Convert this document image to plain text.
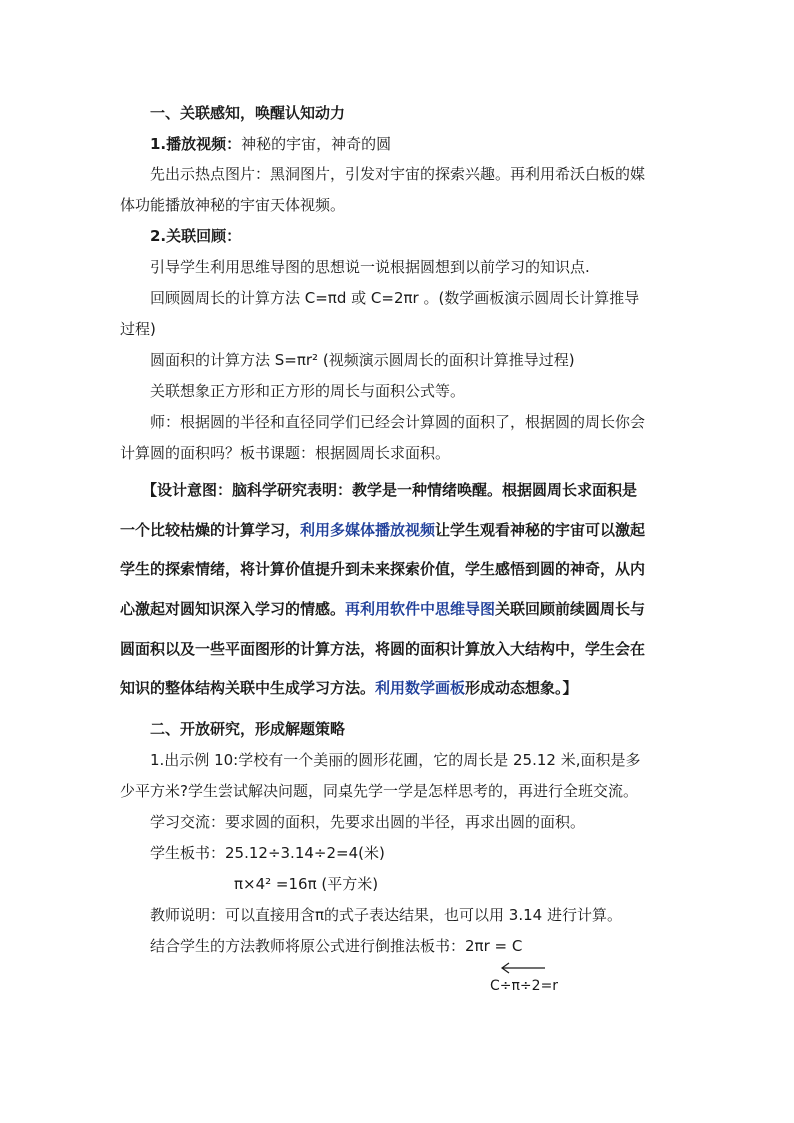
一、关联感知，唤醒认知动力
1.播放视频：神秘的宇宙，神奇的圆
先出示热点图片：黑洞图片，引发对宇宙的探索兴趣。再利用希沃白板的媒
体功能播放神秘的宇宙天体视频。
2.关联回顾：
引导学生利用思维导图的思想说一说根据圆想到以前学习的知识点.
回顾圆周长的计算方法 C=πd 或 C=2πr 。(数学画板演示圆周长计算推导
过程)
圆面积的计算方法 S=πr² (视频演示圆周长的面积计算推导过程)
关联想象正方形和正方形的周长与面积公式等。
师：根据圆的半径和直径同学们已经会计算圆的面积了，根据圆的周长你会
计算圆的面积吗？板书课题：根据圆周长求面积。
【设计意图：脑科学研究表明：教学是一种情绪唤醒。根据圆周长求面积是
一个比较枯燥的计算学习，利用多媒体播放视频让学生观看神秘的宇宙可以激起
学生的探索情绪，将计算价值提升到未来探索价值，学生感悟到圆的神奇，从内
心激起对圆知识深入学习的情感。再利用软件中思维导图关联回顾前续圆周长与
圆面积以及一些平面图形的计算方法，将圆的面积计算放入大结构中，学生会在
知识的整体结构关联中生成学习方法。利用数学画板形成动态想象。】
二、开放研究，形成解题策略
1.出示例 10:学校有一个美丽的圆形花圃，它的周长是 25.12 米,面积是多
少平方米?学生尝试解决问题，同桌先学一学是怎样思考的，再进行全班交流。
学习交流：要求圆的面积，先要求出圆的半径，再求出圆的面积。
学生板书：25.12÷3.14÷2=4(米)
π×4² =16π (平方米)
教师说明：可以直接用含π的式子表达结果，也可以用 3.14 进行计算。
结合学生的方法教师将原公式进行倒推法板书：2πr = C
C÷π÷2=r
